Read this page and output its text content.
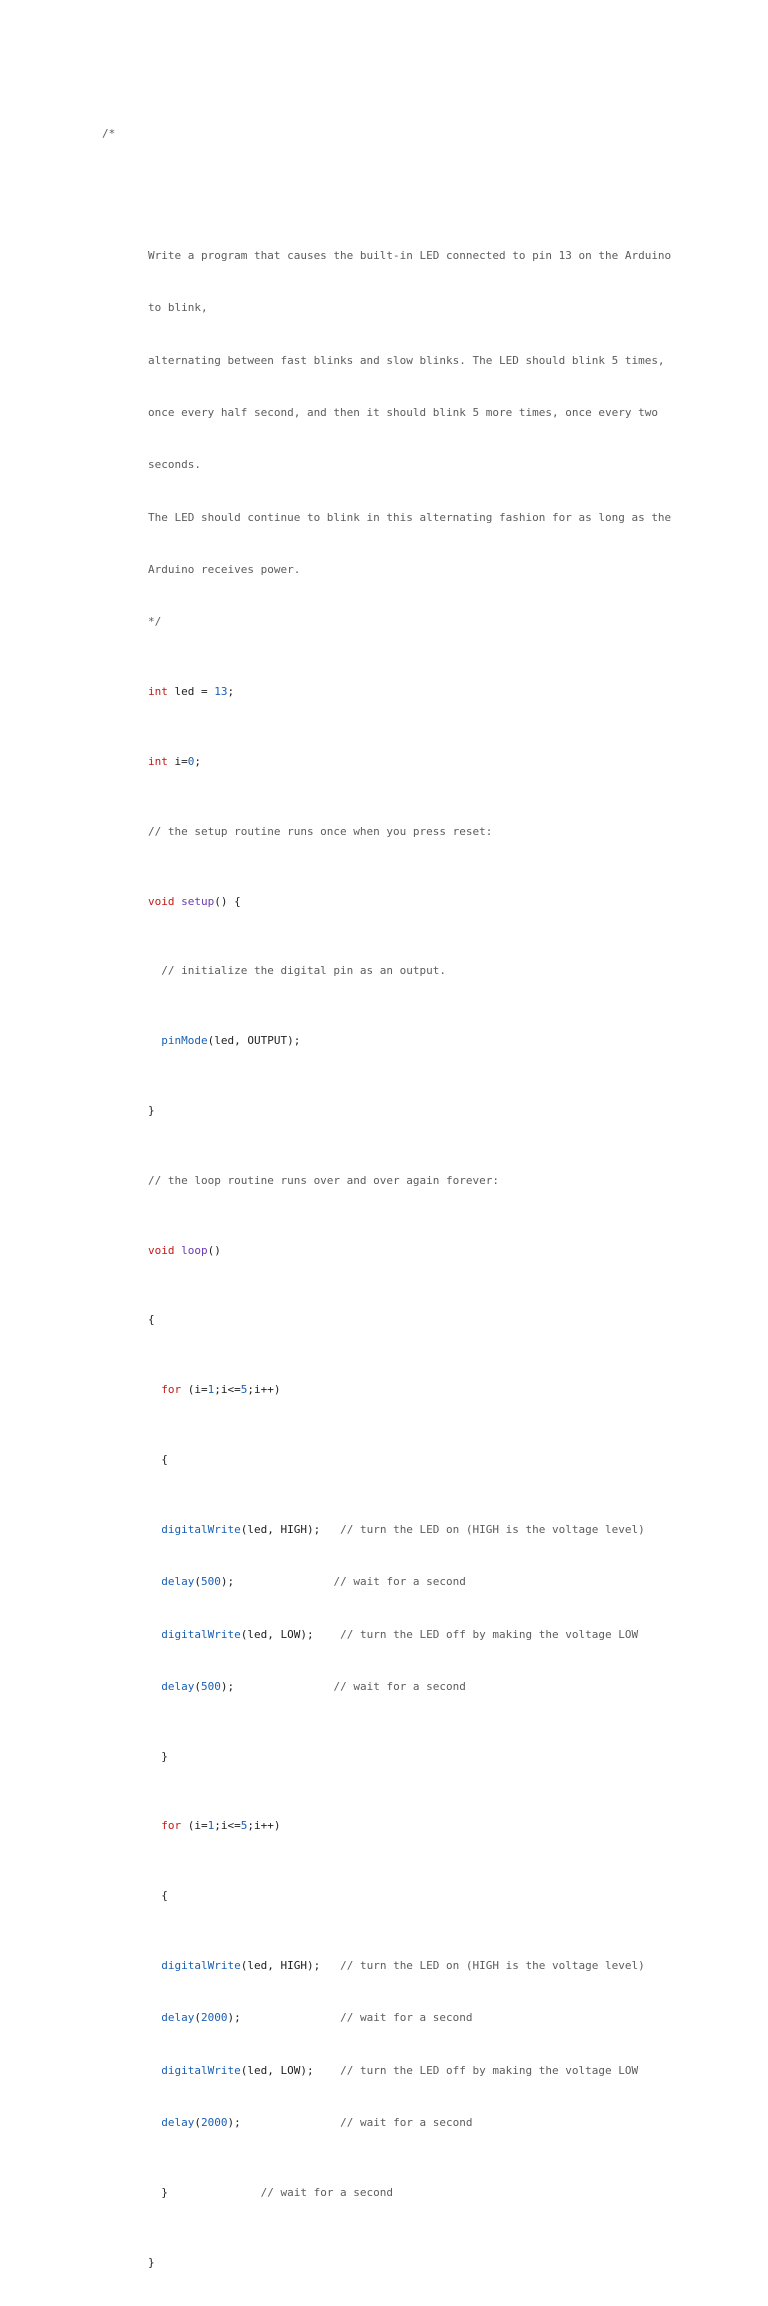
/*

Write a program that causes the built-in LED connected to pin 13 on the Arduino

to blink,

alternating between fast blinks and slow blinks. The LED should blink 5 times,

once every half second, and then it should blink 5 more times, once every two

seconds.

The LED should continue to blink in this alternating fashion for as long as the

Arduino receives power.

*/

int led = 13;

int i=0;

// the setup routine runs once when you press reset:

void setup() {

// initialize the digital pin as an output.

pinMode(led, OUTPUT);

}

// the loop routine runs over and over again forever:

void loop()

{

for (i=1;i<=5;i++)

{

digitalWrite(led, HIGH);   // turn the LED on (HIGH is the voltage level)

delay(500);               // wait for a second

digitalWrite(led, LOW);    // turn the LED off by making the voltage LOW

delay(500);               // wait for a second

}

for (i=1;i<=5;i++)

{

digitalWrite(led, HIGH);   // turn the LED on (HIGH is the voltage level)

delay(2000);               // wait for a second

digitalWrite(led, LOW);    // turn the LED off by making the voltage LOW

delay(2000);               // wait for a second

}              // wait for a second

}
